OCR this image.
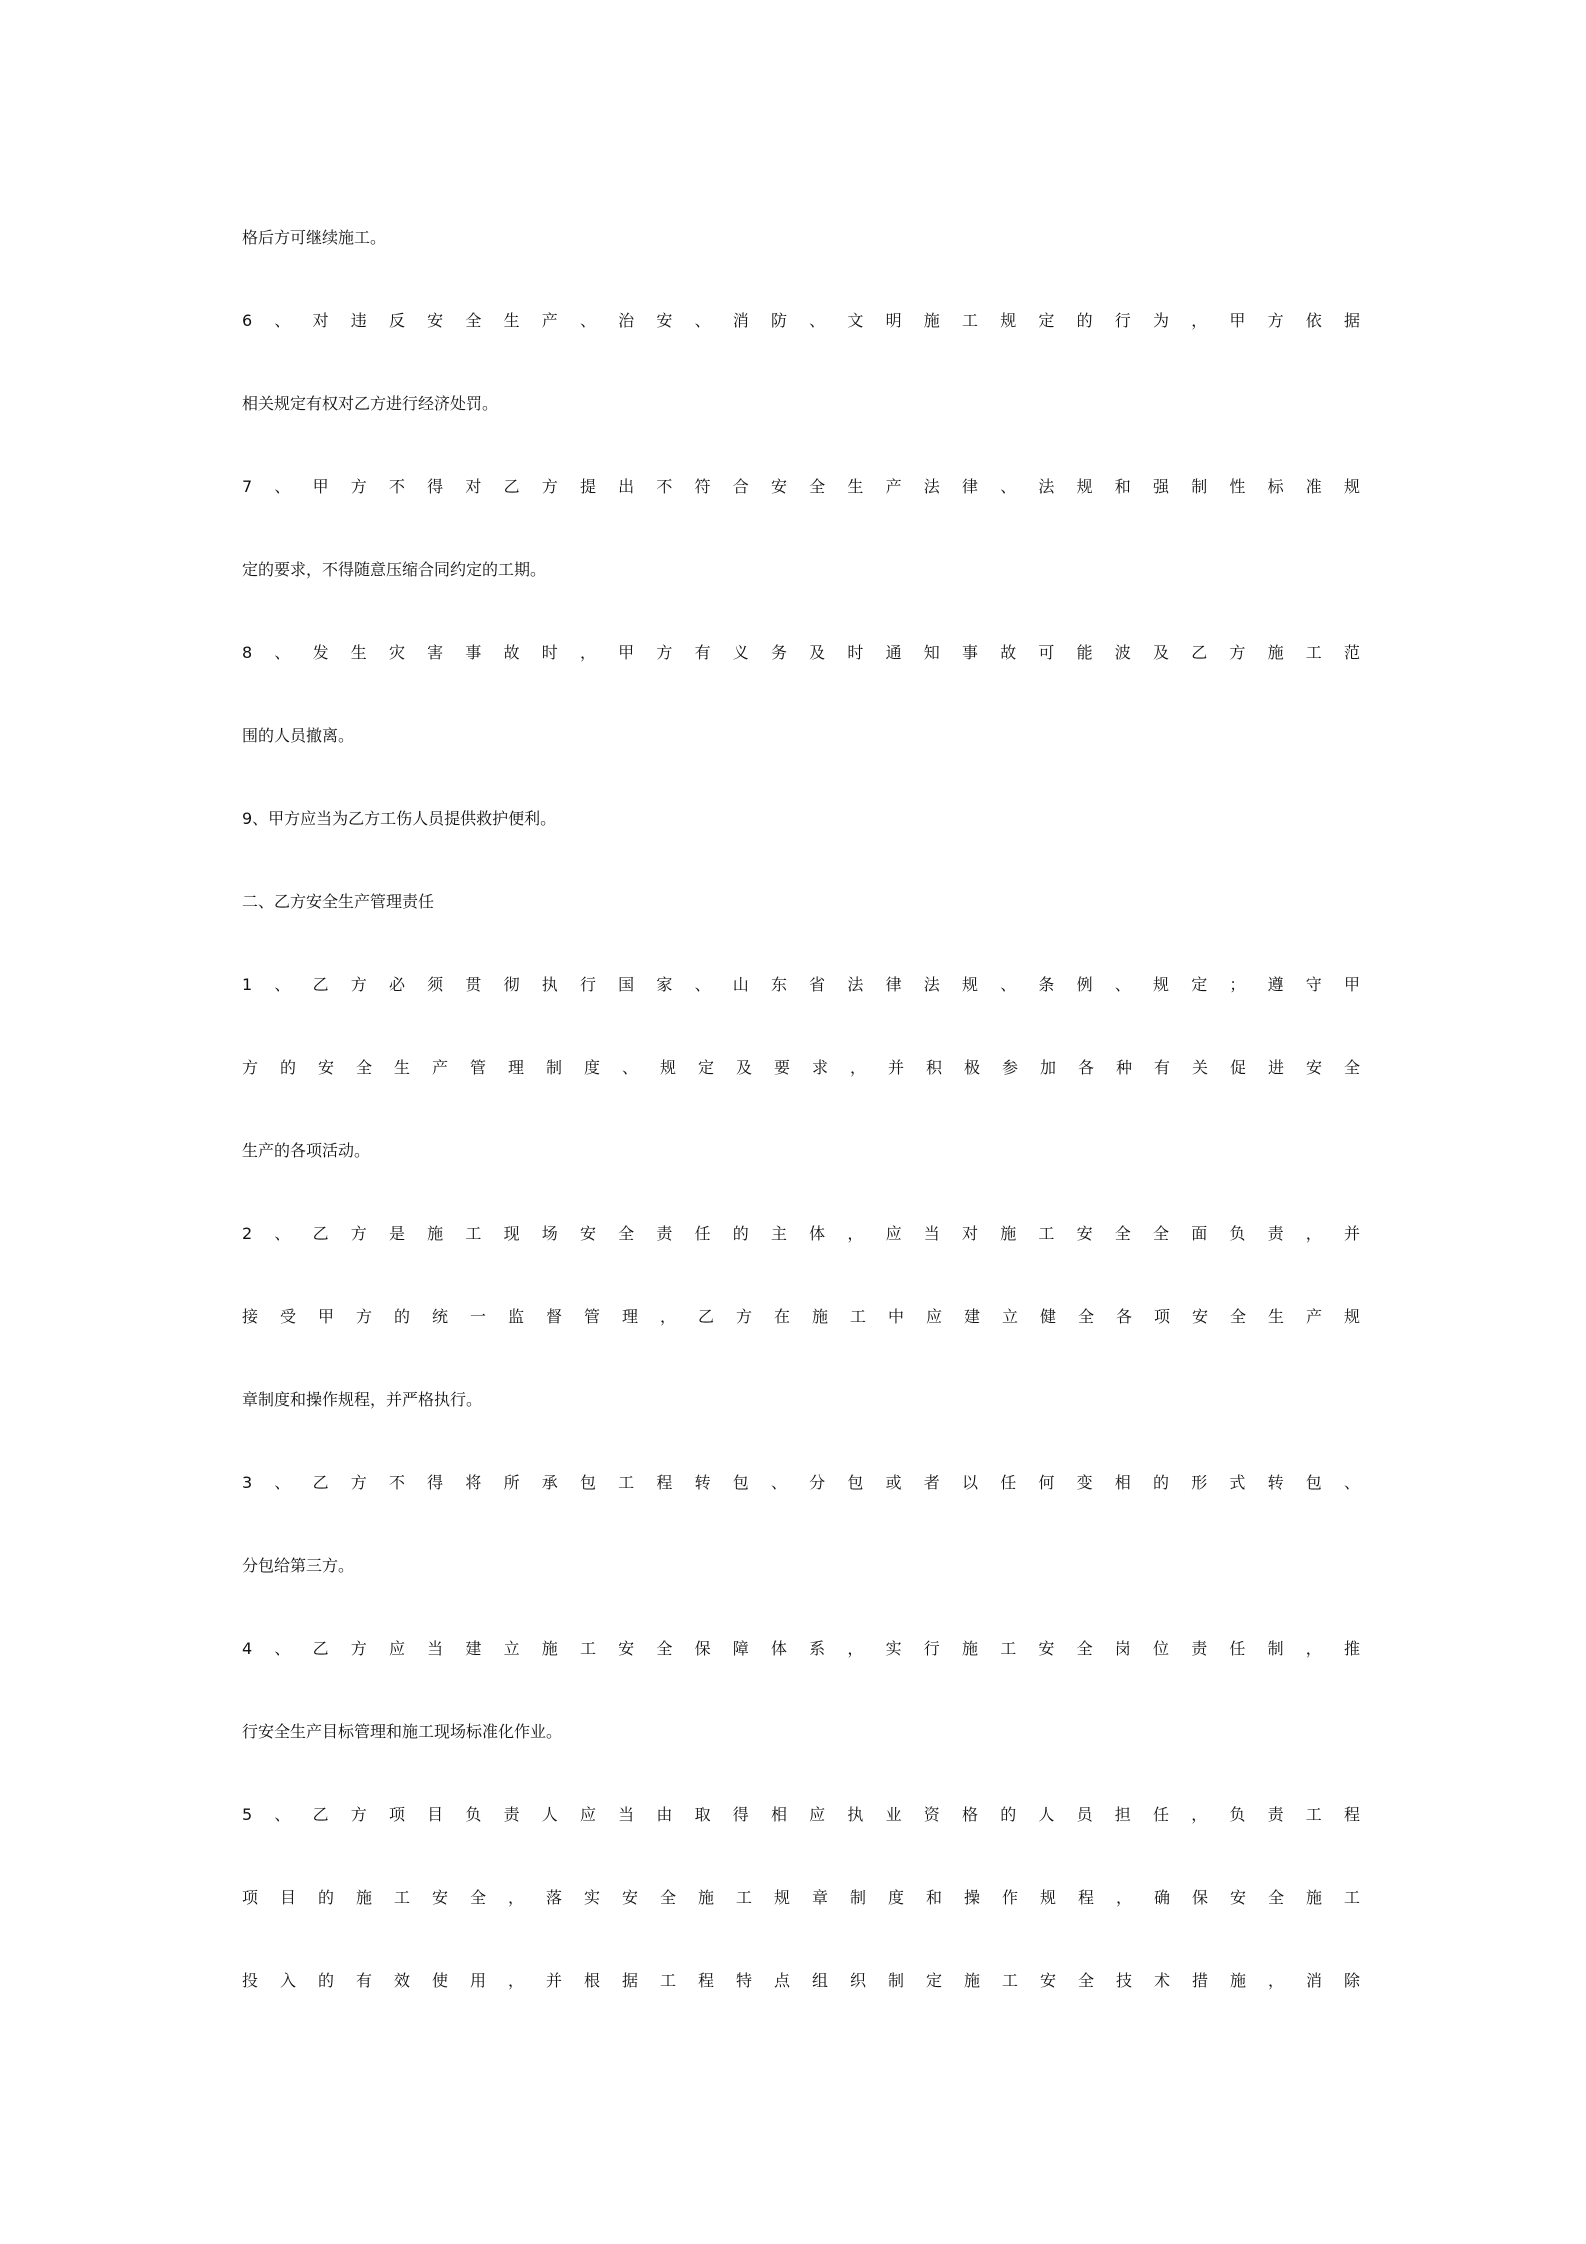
格后方可继续施工。
6、对违反安全生产、治安、消防、文明施工规定的行为，甲方依据
相关规定有权对乙方进行经济处罚。
7、甲方不得对乙方提出不符合安全生产法律、法规和强制性标准规
定的要求，不得随意压缩合同约定的工期。
8、发生灾害事故时，甲方有义务及时通知事故可能波及乙方施工范
围的人员撤离。
9、甲方应当为乙方工伤人员提供救护便利。
二、乙方安全生产管理责任
1、乙方必须贯彻执行国家、山东省法律法规、条例、规定；遵守甲
方的安全生产管理制度、规定及要求，并积极参加各种有关促进安全
生产的各项活动。
2、乙方是施工现场安全责任的主体，应当对施工安全全面负责，并
接受甲方的统一监督管理，乙方在施工中应建立健全各项安全生产规
章制度和操作规程，并严格执行。
3、乙方不得将所承包工程转包、分包或者以任何变相的形式转包、
分包给第三方。
4、乙方应当建立施工安全保障体系，实行施工安全岗位责任制，推
行安全生产目标管理和施工现场标准化作业。
5、乙方项目负责人应当由取得相应执业资格的人员担任，负责工程
项目的施工安全，落实安全施工规章制度和操作规程，确保安全施工
投入的有效使用，并根据工程特点组织制定施工安全技术措施，消除
